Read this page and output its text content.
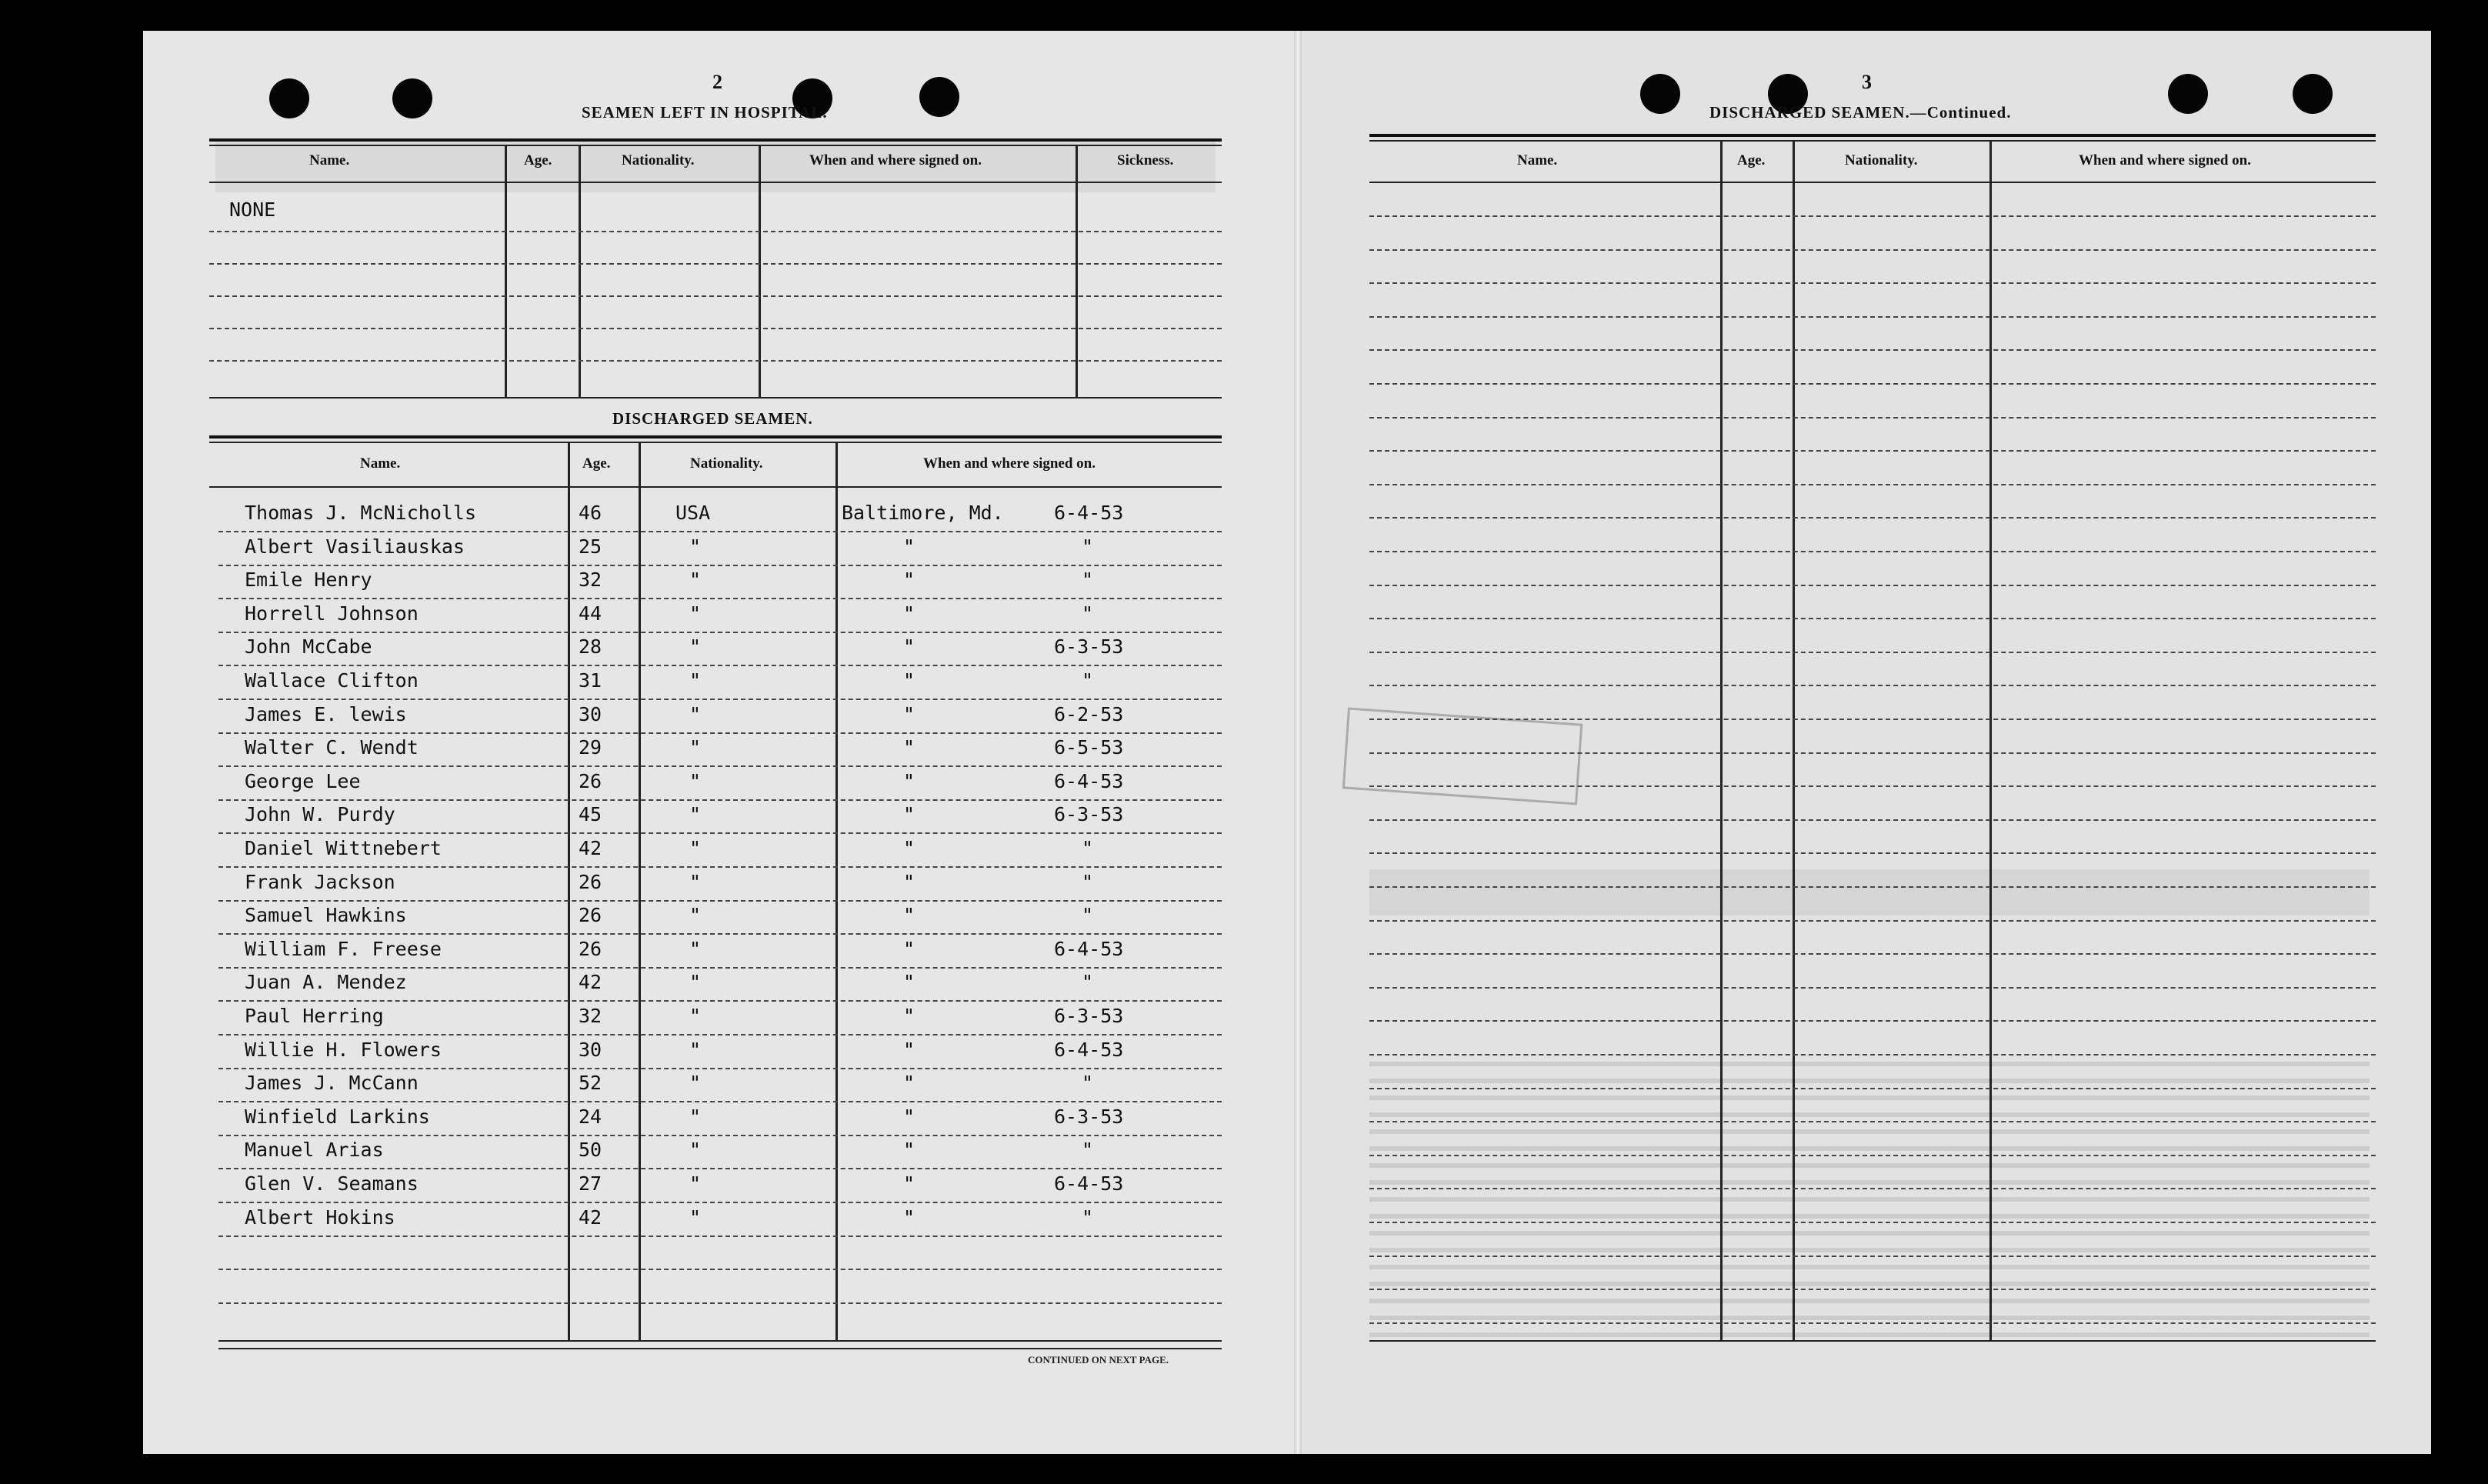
2
SEAMEN LEFT IN HOSPITAL.
Name.	Age.	Nationality.	When and where signed on.	Sickness.
NONE
DISCHARGED SEAMEN.
Name.	Age.	Nationality.	When and where signed on.
Thomas J. McNicholls	46	USA	Baltimore, Md.	6-4-53
Albert Vasiliauskas	25	"	"	"
Emile Henry	32	"	"	"
Horrell Johnson	44	"	"	"
John McCabe	28	"	"	6-3-53
Wallace Clifton	31	"	"	"
James E. lewis	30	"	"	6-2-53
Walter C. Wendt	29	"	"	6-5-53
George Lee	26	"	"	6-4-53
John W. Purdy	45	"	"	6-3-53
Daniel Wittnebert	42	"	"	"
Frank Jackson	26	"	"	"
Samuel Hawkins	26	"	"	"
William F. Freese	26	"	"	6-4-53
Juan A. Mendez	42	"	"	"
Paul Herring	32	"	"	6-3-53
Willie H. Flowers	30	"	"	6-4-53
James J. McCann	52	"	"	"
Winfield Larkins	24	"	"	6-3-53
Manuel Arias	50	"	"	"
Glen V. Seamans	27	"	"	6-4-53
Albert Hokins	42	"	"	"
CONTINUED ON NEXT PAGE.
3
DISCHARGED SEAMEN.—Continued.
Name.	Age.	Nationality.	When and where signed on.
